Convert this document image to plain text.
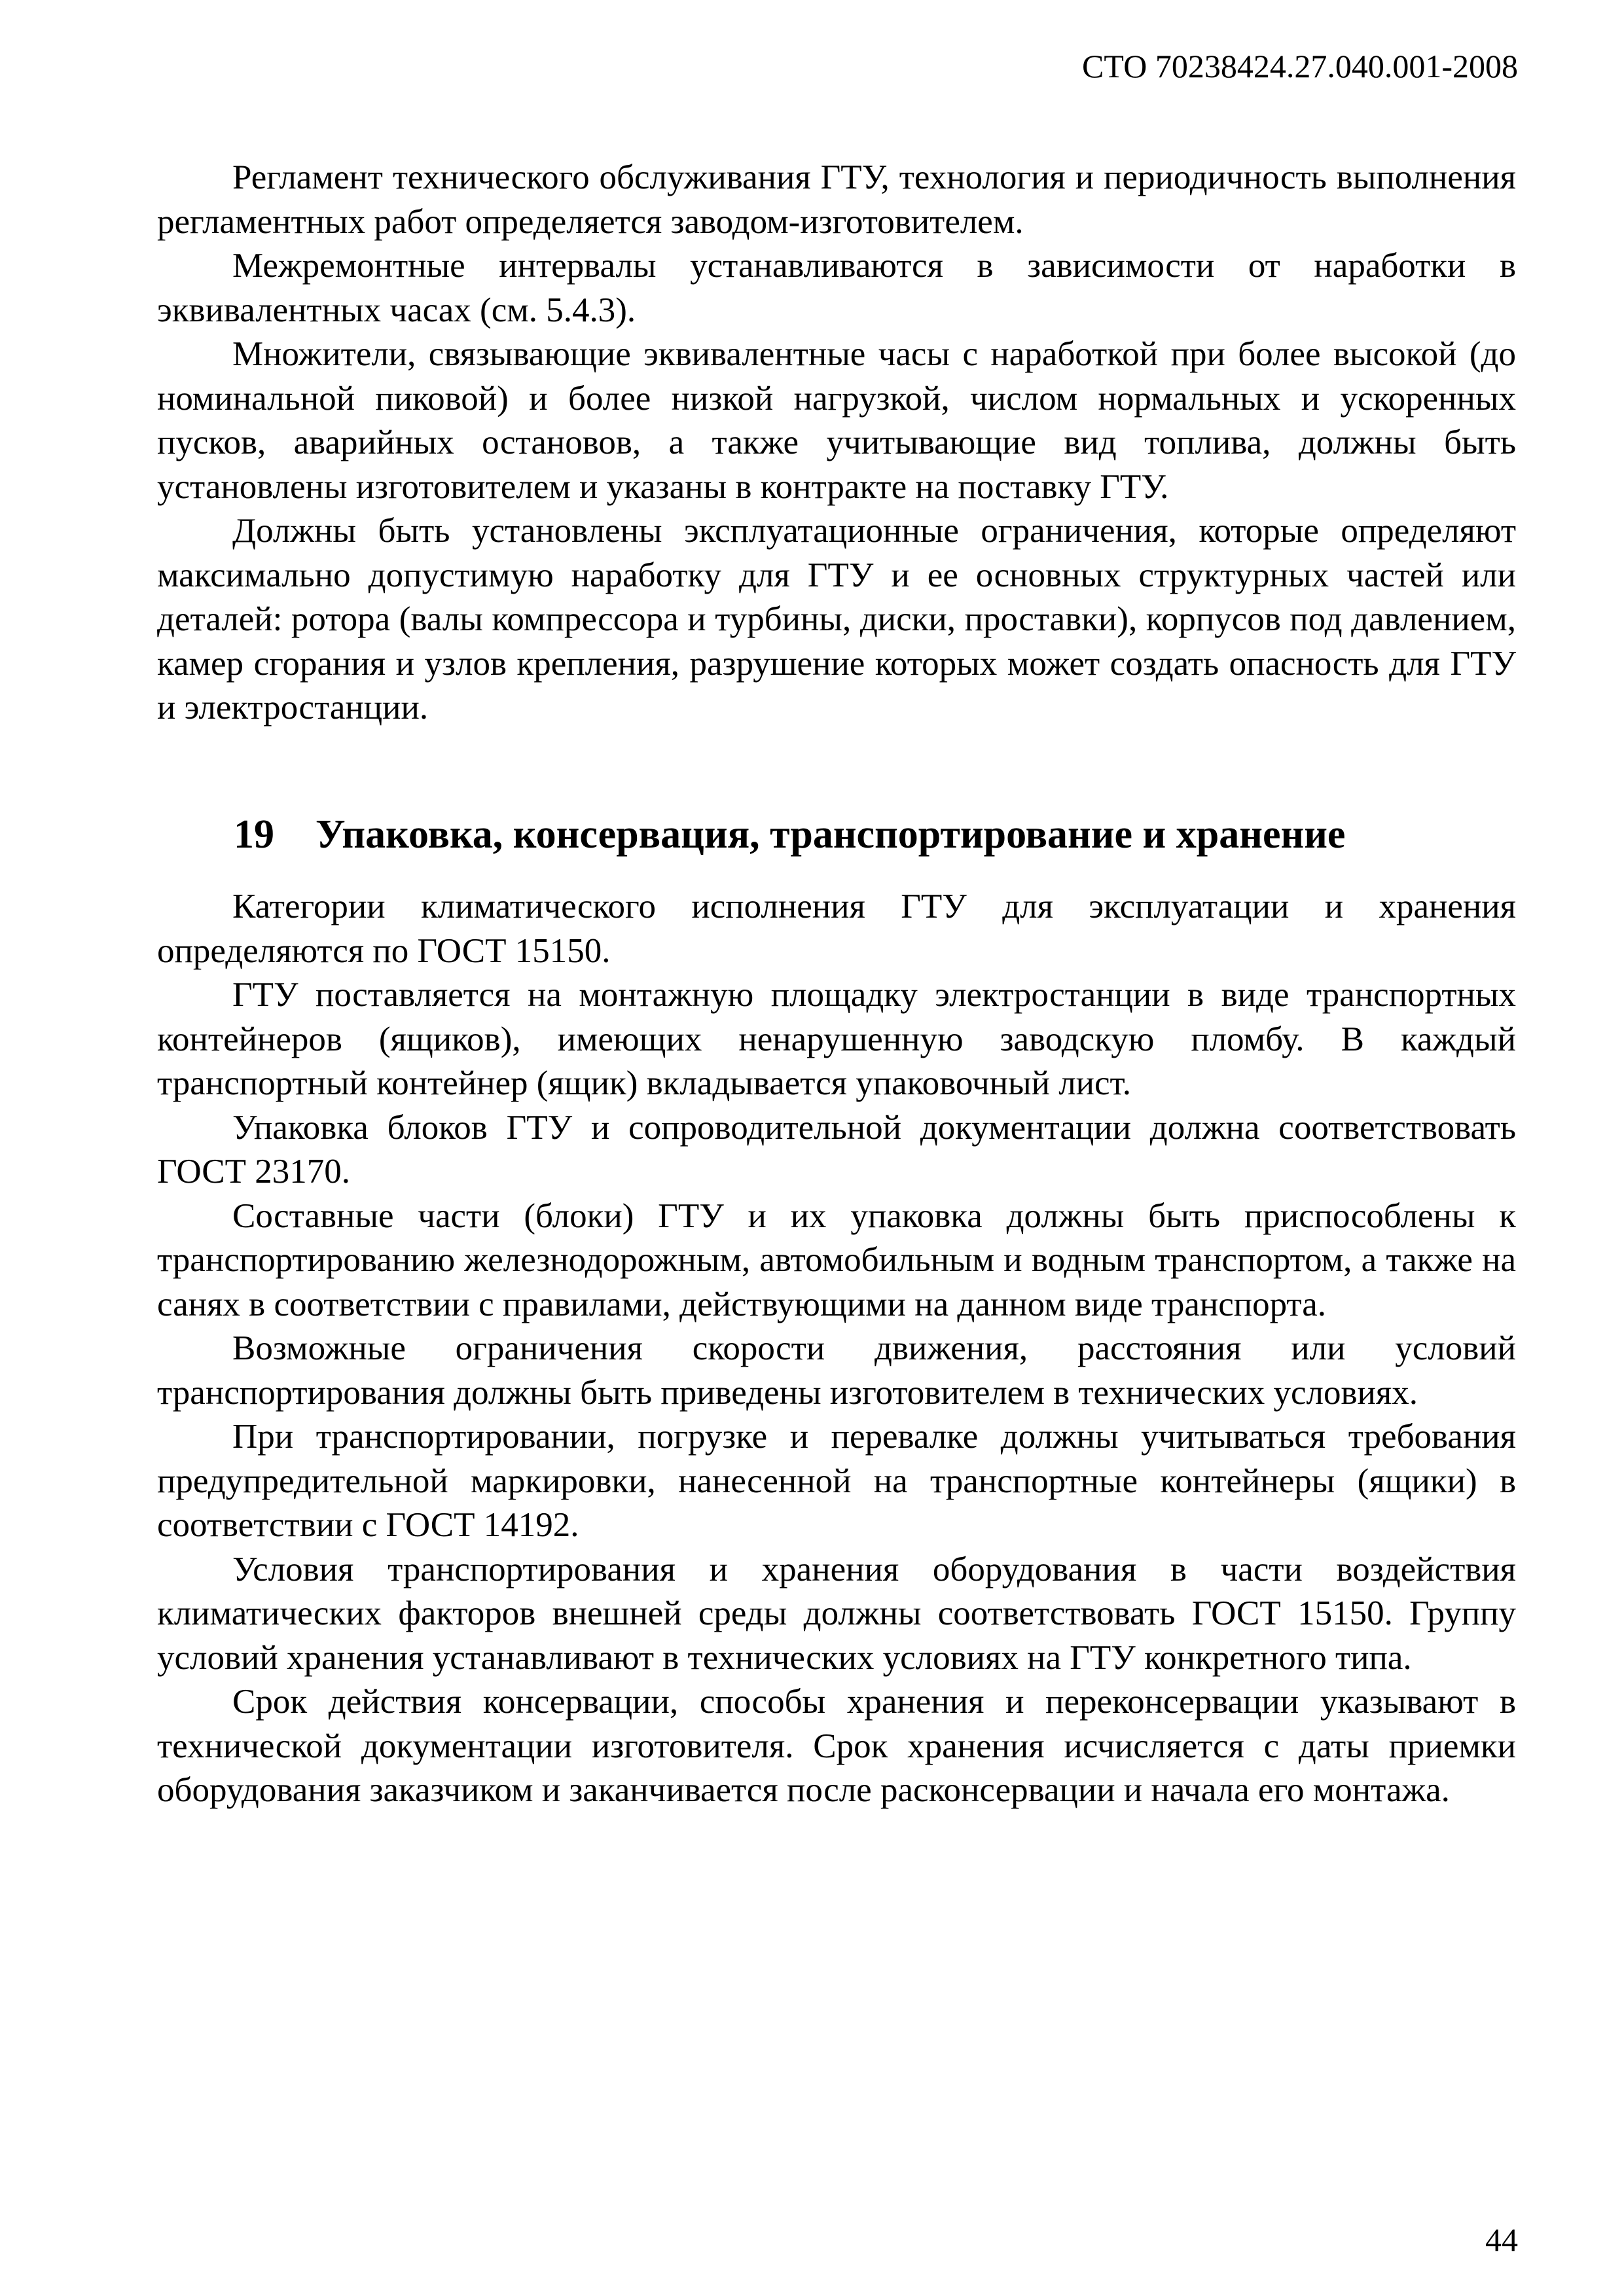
СТО 70238424.27.040.001-2008

Регламент технического обслуживания ГТУ, технология и периодичность выполнения регламентных работ определяется заводом-изготовителем.

Межремонтные интервалы устанавливаются в зависимости от наработки в эквивалентных часах (см. 5.4.3).

Множители, связывающие эквивалентные часы с наработкой при более высокой (до номинальной пиковой) и более низкой нагрузкой, числом нормальных и ускоренных пусков, аварийных остановов, а также учитывающие вид топлива, должны быть установлены изготовителем и указаны в контракте на поставку ГТУ.

Должны быть установлены эксплуатационные ограничения, которые определяют максимально допустимую наработку для ГТУ и ее основных структурных частей или деталей: ротора (валы компрессора и турбины, диски, проставки), корпусов под давлением, камер сгорания и узлов крепления, разрушение которых может создать опасность для ГТУ и электростанции.

19 Упаковка, консервация, транспортирование и хранение

Категории климатического исполнения ГТУ для эксплуатации и хранения определяются по ГОСТ 15150.

ГТУ поставляется на монтажную площадку электростанции в виде транспортных контейнеров (ящиков), имеющих ненарушенную заводскую пломбу. В каждый транспортный контейнер (ящик) вкладывается упаковочный лист.

Упаковка блоков ГТУ и сопроводительной документации должна соответствовать ГОСТ 23170.

Составные части (блоки) ГТУ и их упаковка должны быть приспособлены к транспортированию железнодорожным, автомобильным и водным транспортом, а также на санях в соответствии с правилами, действующими на данном виде транспорта.

Возможные ограничения скорости движения, расстояния или условий транспортирования должны быть приведены изготовителем в технических условиях.

При транспортировании, погрузке и перевалке должны учитываться требования предупредительной маркировки, нанесенной на транспортные контейнеры (ящики) в соответствии с ГОСТ 14192.

Условия транспортирования и хранения оборудования в части воздействия климатических факторов внешней среды должны соответствовать ГОСТ 15150. Группу условий хранения устанавливают в технических условиях на ГТУ конкретного типа.

Срок действия консервации, способы хранения и переконсервации указывают в технической документации изготовителя. Срок хранения исчисляется с даты приемки оборудования заказчиком и заканчивается после расконсервации и начала его монтажа.

44
